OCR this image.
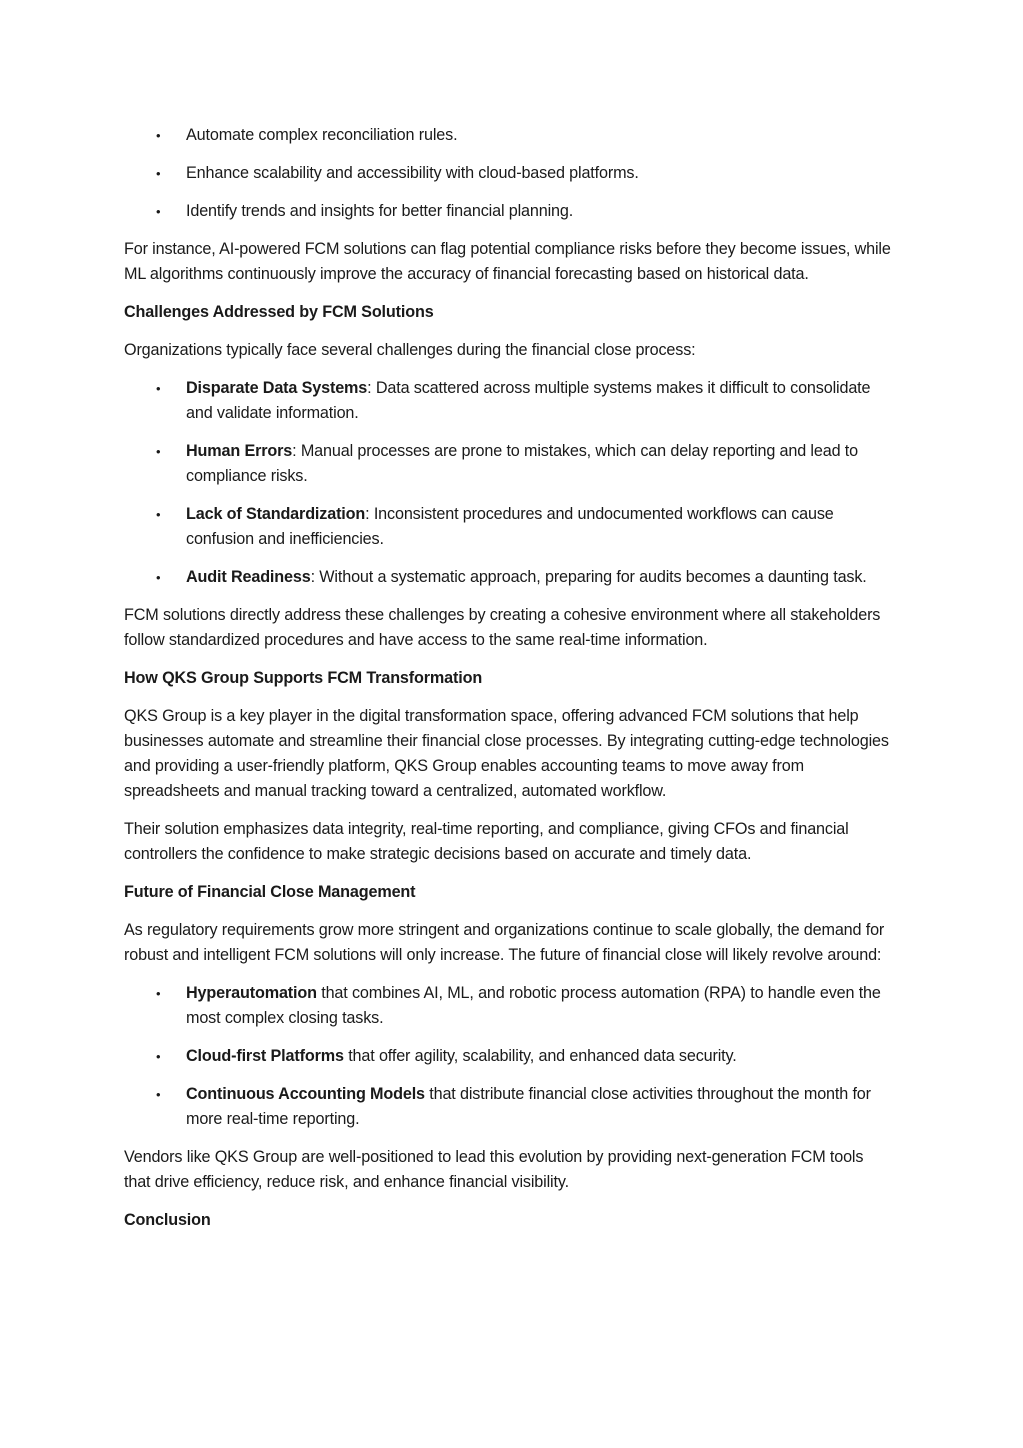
• Automate complex reconciliation rules.
• Enhance scalability and accessibility with cloud-based platforms.
• Identify trends and insights for better financial planning.

For instance, AI-powered FCM solutions can flag potential compliance risks before they become issues, while ML algorithms continuously improve the accuracy of financial forecasting based on historical data.

Challenges Addressed by FCM Solutions

Organizations typically face several challenges during the financial close process:

• Disparate Data Systems: Data scattered across multiple systems makes it difficult to consolidate and validate information.
• Human Errors: Manual processes are prone to mistakes, which can delay reporting and lead to compliance risks.
• Lack of Standardization: Inconsistent procedures and undocumented workflows can cause confusion and inefficiencies.
• Audit Readiness: Without a systematic approach, preparing for audits becomes a daunting task.

FCM solutions directly address these challenges by creating a cohesive environment where all stakeholders follow standardized procedures and have access to the same real-time information.

How QKS Group Supports FCM Transformation

QKS Group is a key player in the digital transformation space, offering advanced FCM solutions that help businesses automate and streamline their financial close processes. By integrating cutting-edge technologies and providing a user-friendly platform, QKS Group enables accounting teams to move away from spreadsheets and manual tracking toward a centralized, automated workflow.

Their solution emphasizes data integrity, real-time reporting, and compliance, giving CFOs and financial controllers the confidence to make strategic decisions based on accurate and timely data.

Future of Financial Close Management

As regulatory requirements grow more stringent and organizations continue to scale globally, the demand for robust and intelligent FCM solutions will only increase. The future of financial close will likely revolve around:

• Hyperautomation that combines AI, ML, and robotic process automation (RPA) to handle even the most complex closing tasks.
• Cloud-first Platforms that offer agility, scalability, and enhanced data security.
• Continuous Accounting Models that distribute financial close activities throughout the month for more real-time reporting.

Vendors like QKS Group are well-positioned to lead this evolution by providing next-generation FCM tools that drive efficiency, reduce risk, and enhance financial visibility.

Conclusion
